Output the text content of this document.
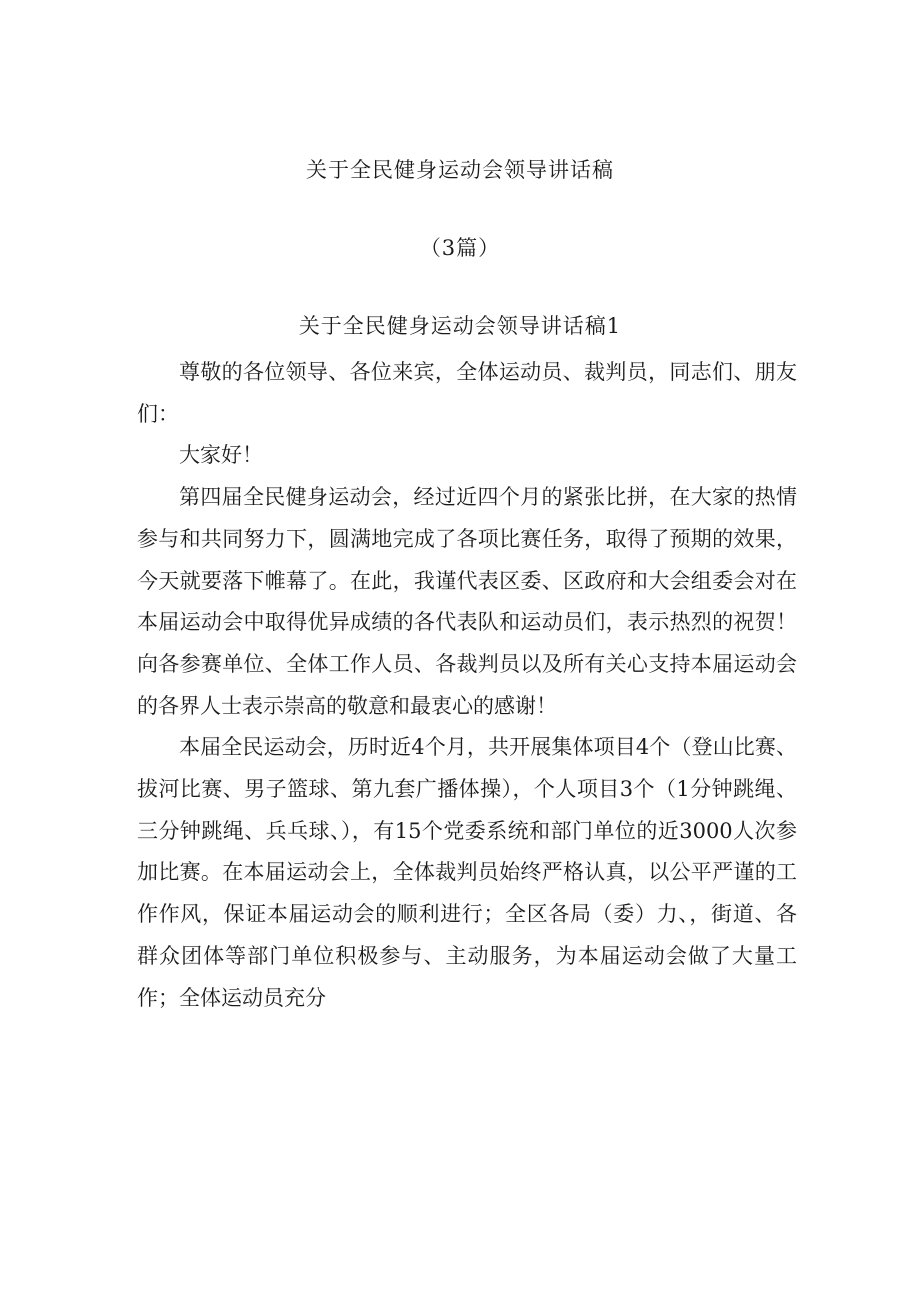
关于全民健身运动会领导讲话稿
（3篇）
关于全民健身运动会领导讲话稿1

尊敬的各位领导、各位来宾，全体运动员、裁判员，同志们、朋友们：

大家好！

第四届全民健身运动会，经过近四个月的紧张比拼，在大家的热情参与和共同努力下，圆满地完成了各项比赛任务，取得了预期的效果，今天就要落下帷幕了。在此，我谨代表区委、区政府和大会组委会对在本届运动会中取得优异成绩的各代表队和运动员们，表示热烈的祝贺！向各参赛单位、全体工作人员、各裁判员以及所有关心支持本届运动会的各界人士表示崇高的敬意和最衷心的感谢！

本届全民运动会，历时近4个月，共开展集体项目4个（登山比赛、拔河比赛、男子篮球、第九套广播体操），个人项目3个（1分钟跳绳、三分钟跳绳、兵乓球、），有15个党委系统和部门单位的近3000人次参加比赛。在本届运动会上，全体裁判员始终严格认真，以公平严谨的工作作风，保证本届运动会的顺利进行；全区各局（委）力、，街道、各群众团体等部门单位积极参与、主动服务，为本届运动会做了大量工作；全体运动员充分
